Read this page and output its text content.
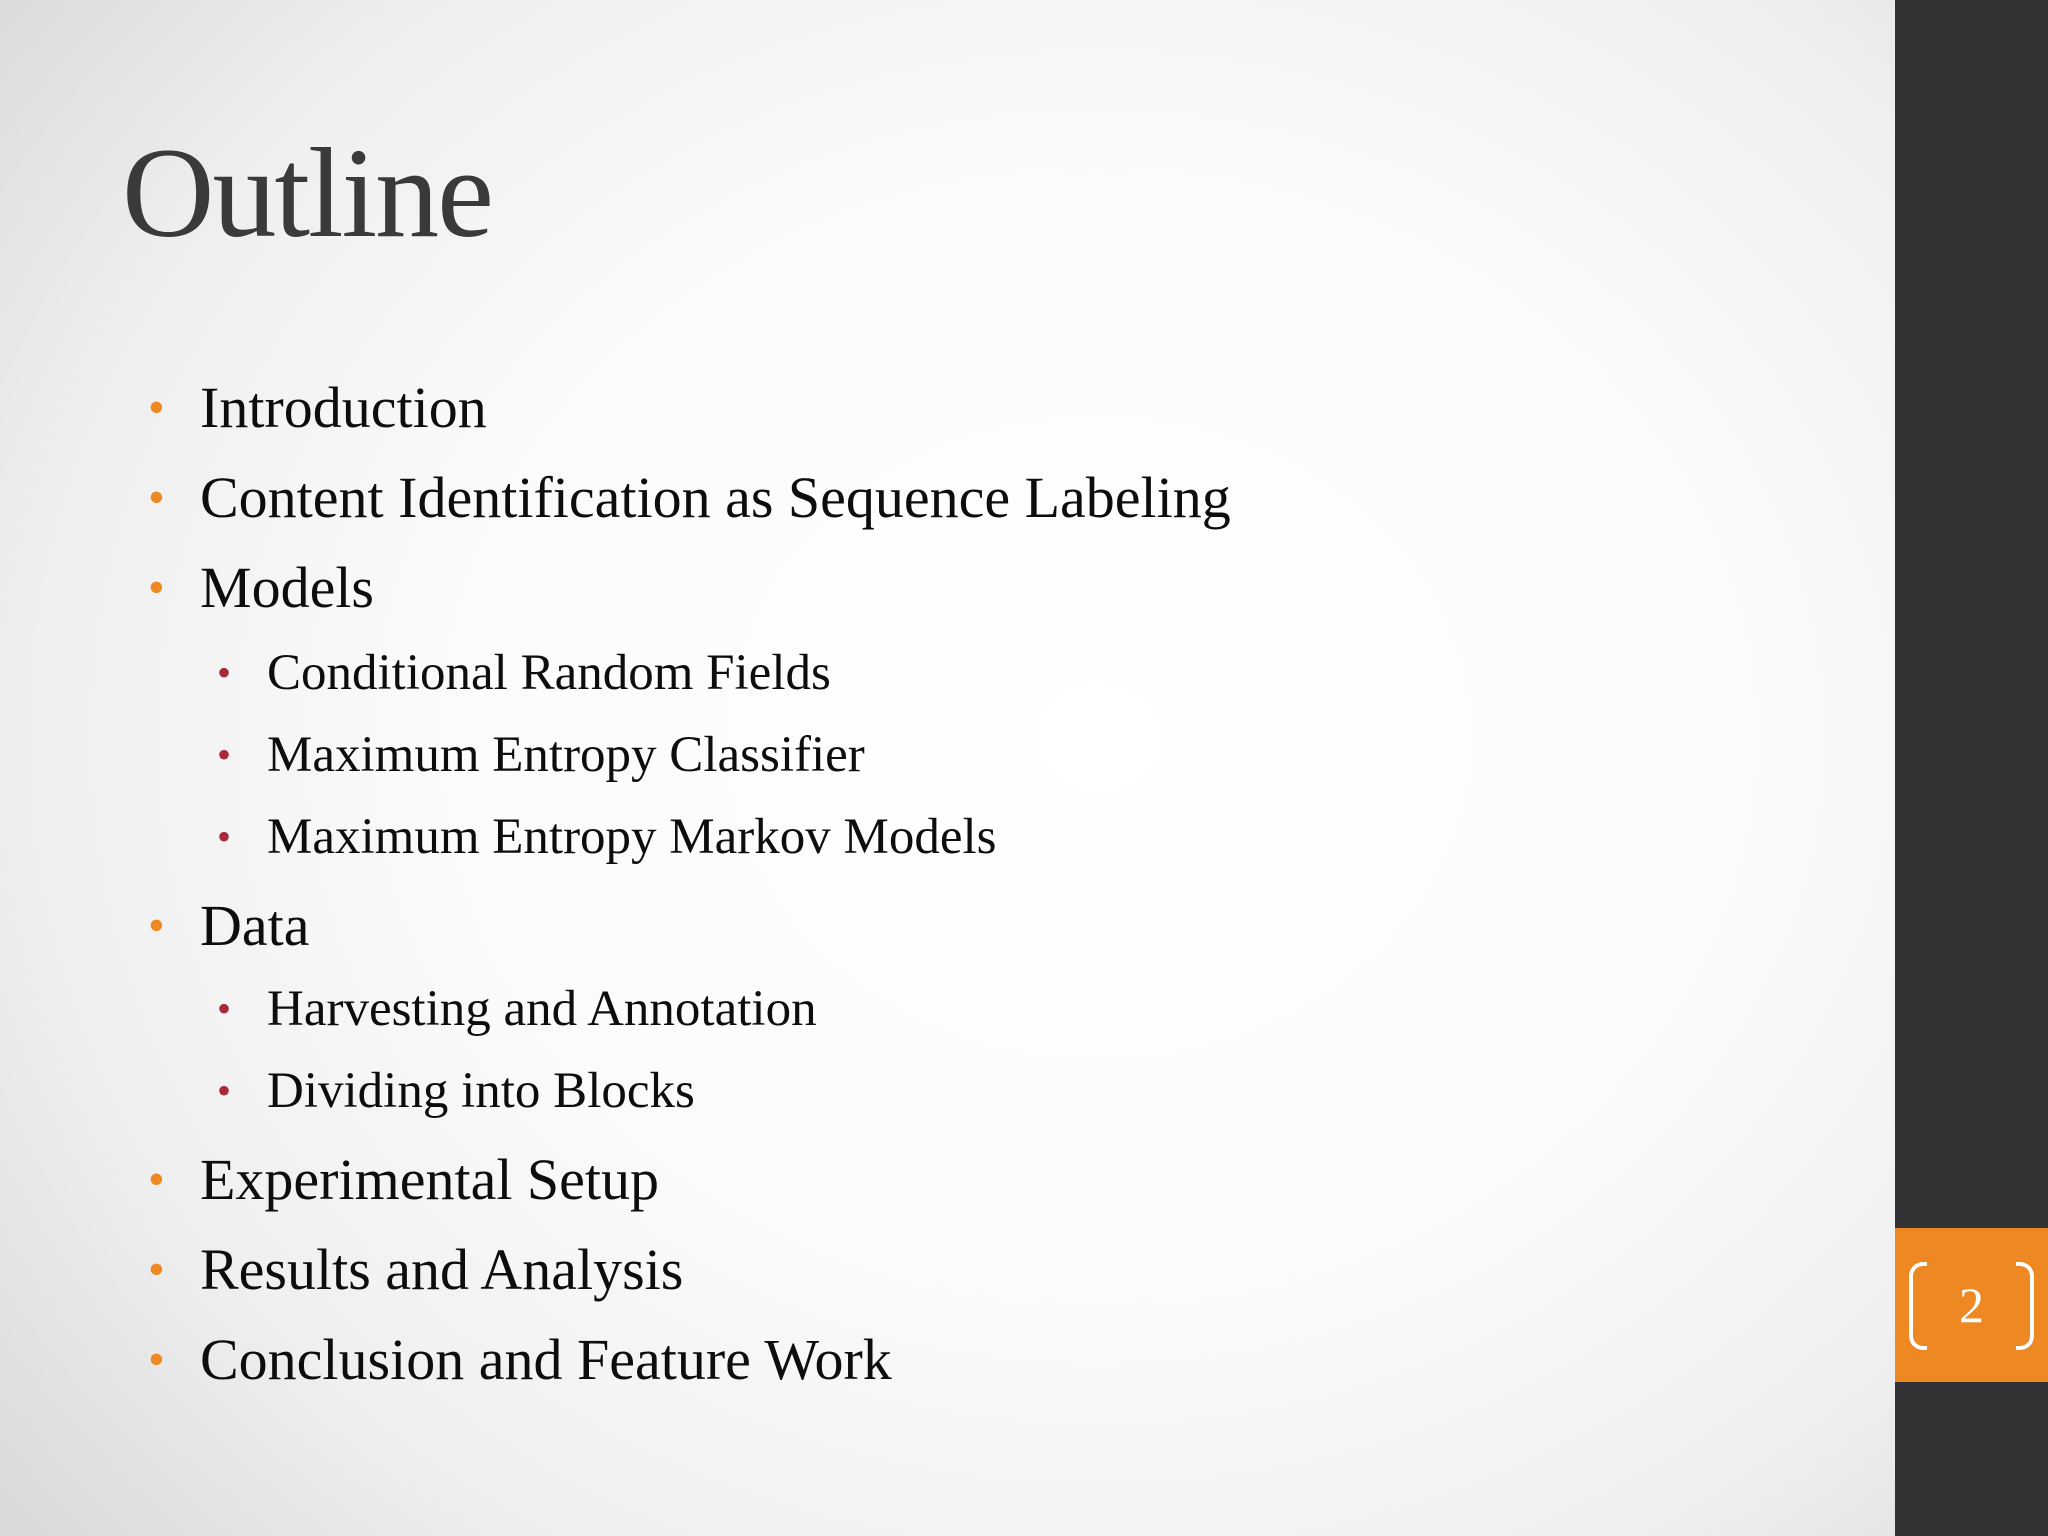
Outline
• Introduction
• Content Identification as Sequence Labeling
• Models
• Conditional Random Fields
• Maximum Entropy Classifier
• Maximum Entropy Markov Models
• Data
• Harvesting and Annotation
• Dividing into Blocks
• Experimental Setup
• Results and Analysis
• Conclusion and Feature Work
2
